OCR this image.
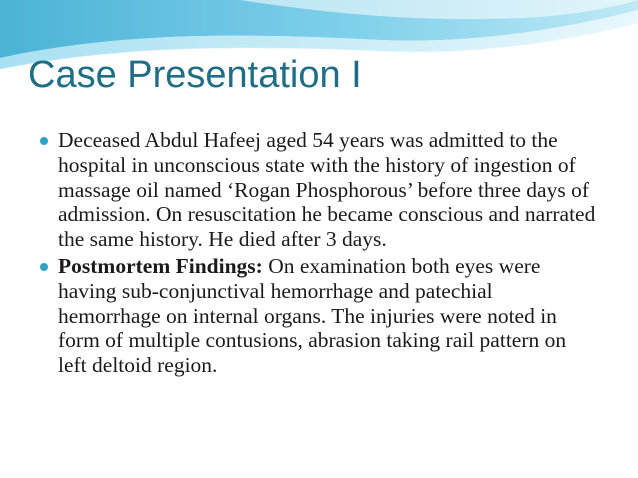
Case Presentation I
Deceased Abdul Hafeej aged 54 years was admitted to the hospital in unconscious state with the history of ingestion of massage oil named ‘Rogan Phosphorous’ before three days of admission. On resuscitation he became conscious and narrated the same history. He died after 3 days.
Postmortem Findings: On examination both eyes were having sub-conjunctival hemorrhage and patechial hemorrhage on internal organs. The injuries were noted in form of multiple contusions, abrasion taking rail pattern on left deltoid region.
